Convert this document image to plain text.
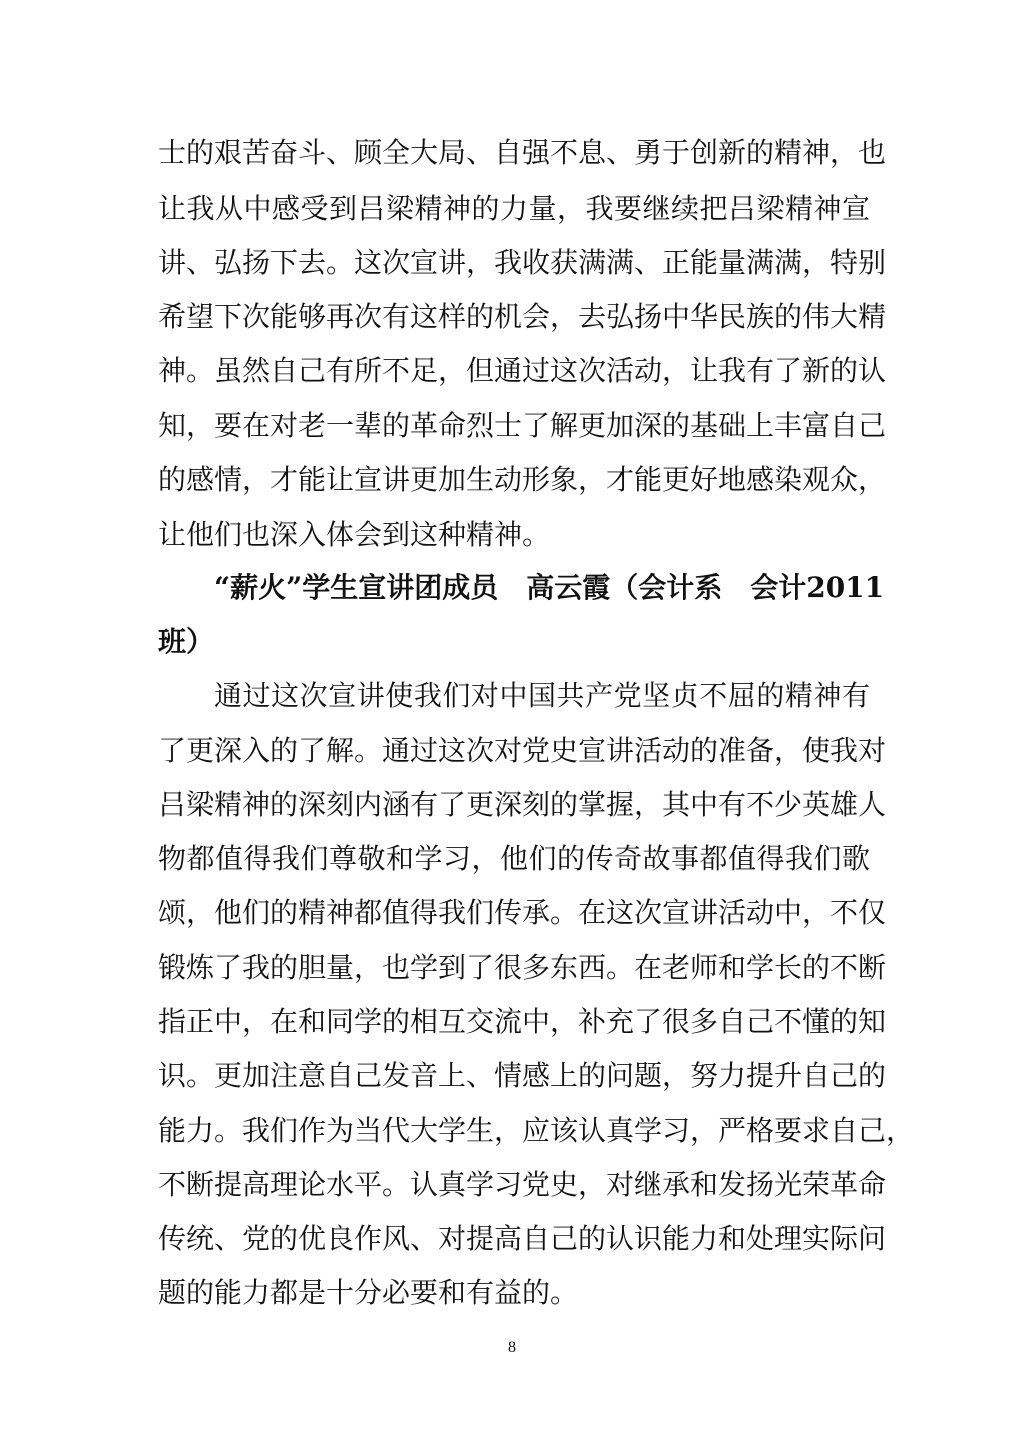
士的艰苦奋斗、顾全大局、自强不息、勇于创新的精神，也
让我从中感受到吕梁精神的力量，我要继续把吕梁精神宣
讲、弘扬下去。这次宣讲，我收获满满、正能量满满，特别
希望下次能够再次有这样的机会，去弘扬中华民族的伟大精
神。虽然自己有所不足，但通过这次活动，让我有了新的认
知，要在对老一辈的革命烈士了解更加深的基础上丰富自己
的感情，才能让宣讲更加生动形象，才能更好地感染观众，
让他们也深入体会到这种精神。
“薪火”学生宣讲团成员　高云霞（会计系　会计2011
班）
通过这次宣讲使我们对中国共产党坚贞不屈的精神有
了更深入的了解。通过这次对党史宣讲活动的准备，使我对
吕梁精神的深刻内涵有了更深刻的掌握，其中有不少英雄人
物都值得我们尊敬和学习，他们的传奇故事都值得我们歌
颂，他们的精神都值得我们传承。在这次宣讲活动中，不仅
锻炼了我的胆量，也学到了很多东西。在老师和学长的不断
指正中，在和同学的相互交流中，补充了很多自己不懂的知
识。更加注意自己发音上、情感上的问题，努力提升自己的
能力。我们作为当代大学生，应该认真学习，严格要求自己，
不断提高理论水平。认真学习党史，对继承和发扬光荣革命
传统、党的优良作风、对提高自己的认识能力和处理实际问
题的能力都是十分必要和有益的。
8
